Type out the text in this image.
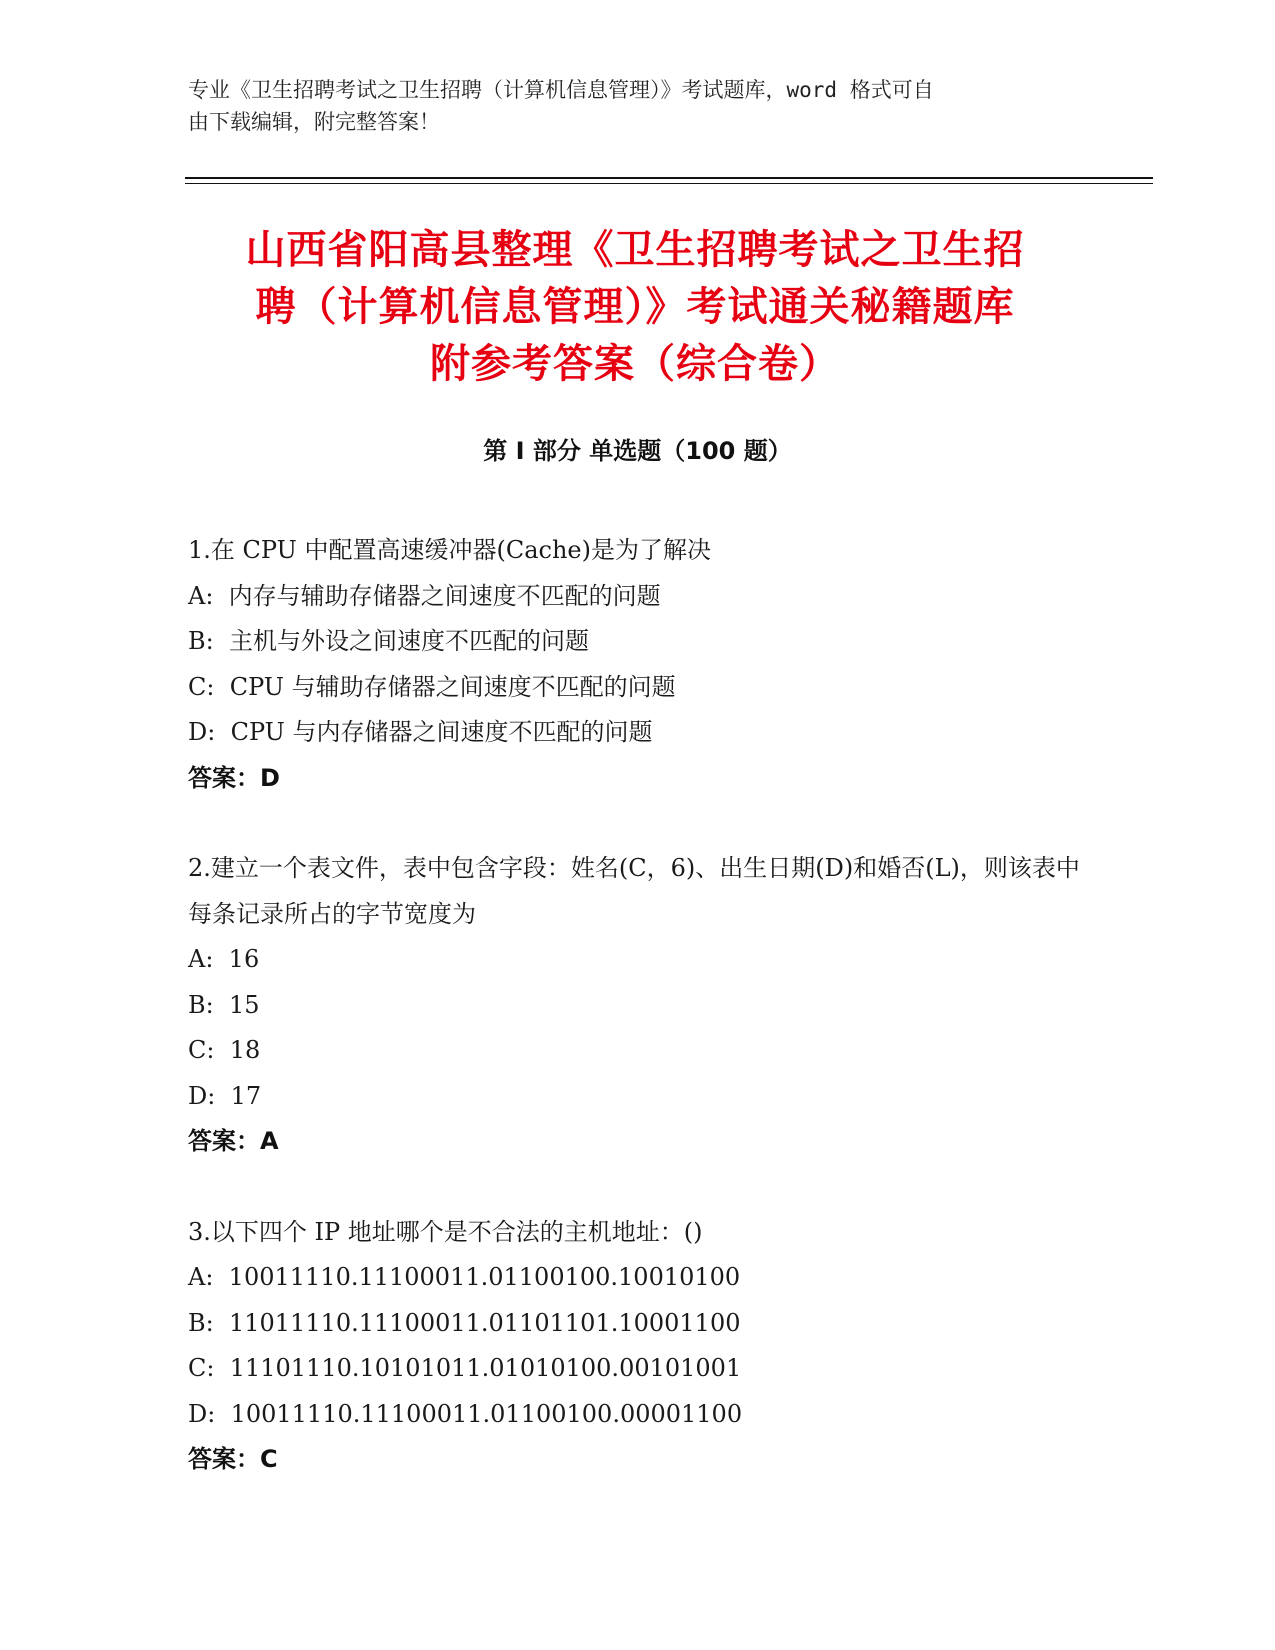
专业《卫生招聘考试之卫生招聘（计算机信息管理）》考试题库，word 格式可自
由下载编辑，附完整答案！
山西省阳高县整理《卫生招聘考试之卫生招
聘（计算机信息管理）》考试通关秘籍题库
附参考答案（综合卷）
第 I 部分 单选题（100 题）
1.在 CPU 中配置高速缓冲器(Cache)是为了解决
A:  内存与辅助存储器之间速度不匹配的问题
B:  主机与外设之间速度不匹配的问题
C:  CPU 与辅助存储器之间速度不匹配的问题
D:  CPU 与内存储器之间速度不匹配的问题
答案：D
2.建立一个表文件，表中包含字段：姓名(C，6)、出生日期(D)和婚否(L)，则该表中每条记录所占的字节宽度为
A:  16
B:  15
C:  18
D:  17
答案：A
3.以下四个 IP 地址哪个是不合法的主机地址：()
A:  10011110.11100011.01100100.10010100
B:  11011110.11100011.01101101.10001100
C:  11101110.10101011.01010100.00101001
D:  10011110.11100011.01100100.00001100
答案：C
